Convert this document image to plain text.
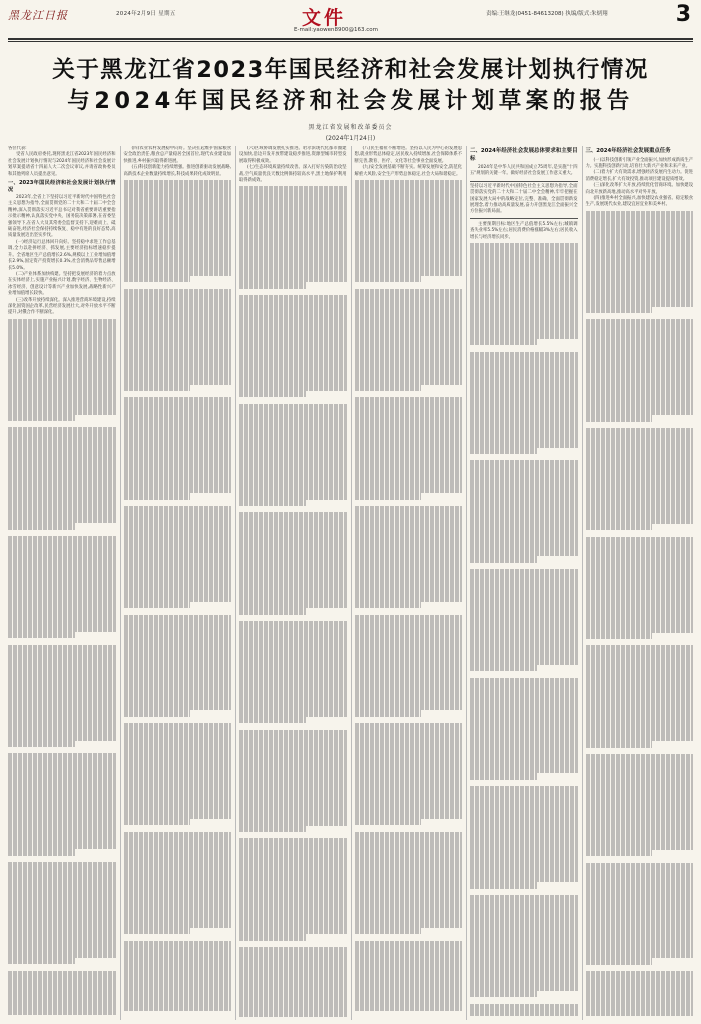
黑龙江日报	2024年2月9日 星期五	文件
E-mail:yaowen8900@163.com
责编:王继龙(0451-84613208) 执编/版式:朱炳翔	3
关于黑龙江省2023年国民经济和社会发展计划执行情况
与2024年国民经济和社会发展计划草案的报告
黑龙江省发展和改革委员会
(2024年1月24日)

各位代表:

受省人民政府委托,现将黑龙江省2023年国民经济和社会发展计划执行情况与2024年国民经济和社会发展计划草案提请省十四届人大二次会议审议,并请省政协委员和其他列席人员提出意见。

一、2023年国民经济和社会发展计划执行情况

2023年,全省上下坚持以习近平新时代中国特色社会主义思想为指导,全面贯彻党的二十大和二十届二中全会精神,深入贯彻落实习近平总书记对我省重要讲话重要指示批示精神,认真落实党中央、国务院决策部署,在省委坚强领导下,在省人大及其常委会监督支持下,迎难而上、砥砺奋进,经济社会保持持续恢复、稳中有进的良好态势,高质量发展迈出坚实步伐。

(一)经济运行总体回升向好。坚持稳中求进工作总基调,全力以赴拼经济、抓发展,主要经济指标增速稳步提升。全省地区生产总值增长2.6%,规模以上工业增加值增长2.9%,固定资产投资增长0.3%,社会消费品零售总额增长5.0%。

(二)产业体系加快构建。坚持把发展经济的着力点放在实体经济上,实施产业振兴计划,数字经济、生物经济、冰雪经济、创意设计等新兴产业加快发展,战略性新兴产业增加值增长较快。

(三)改革开放持续深化。深入推进营商环境建设,持续深化国资国企改革,民营经济发展壮大,对外开放水平不断提升,对俄合作不断深化。

(四)农业农村发展稳中向好。坚决扛起维护国家粮食安全政治责任,粮食总产量稳居全国首位,现代农业建设加快推进,乡村振兴取得新进展。

(五)科技创新能力持续增强。推进创新驱动发展战略,高新技术企业数量持续增长,科技成果转化成效明显。

(六)区域协调发展扎实推进。哈尔滨现代化都市圈建设加快,沿边开发开放带建设稳步推进,资源型城市转型发展取得积极成效。

(七)生态环境质量持续改善。深入打好污染防治攻坚战,空气质量优良天数比例保持较高水平,黑土地保护利用取得新成效。

(八)民生福祉不断增进。坚持以人民为中心的发展思想,就业形势总体稳定,居民收入持续增加,社会保障体系不断完善,教育、医疗、文化等社会事业全面发展。

(九)安全发展基础不断夯实。统筹发展和安全,防范化解重大风险,安全生产形势总体稳定,社会大局和谐稳定。

二、2024年经济社会发展总体要求和主要目标

2024年是中华人民共和国成立75周年,是实施"十四五"规划的关键一年。做好经济社会发展工作意义重大。

坚持以习近平新时代中国特色社会主义思想为指导,全面贯彻落实党的二十大和二十届二中全会精神,牢牢把握在国家发展大局中的战略定位,完整、准确、全面贯彻新发展理念,着力推动高质量发展,奋力开创黑龙江全面振兴全方位振兴新局面。

主要预期目标:地区生产总值增长5.5%左右;城镇调查失业率5.5%左右;居民消费价格涨幅3%左右;居民收入增长与经济增长同步。

三、2024年经济社会发展重点任务

(一)以科技创新引领产业全面振兴,加快形成新质生产力。实施科技创新行动,培育壮大新兴产业和未来产业。

(二)着力扩大有效需求,增强经济发展内生动力。促进消费稳定增长,扩大有效投资,推动项目建设提质增效。

(三)深化改革扩大开放,持续优化营商环境。加快建设向北开放新高地,推动高水平对外开放。

(四)推进乡村全面振兴,加快建设农业强省。稳定粮食生产,发展现代农业,建设宜居宜业和美乡村。
